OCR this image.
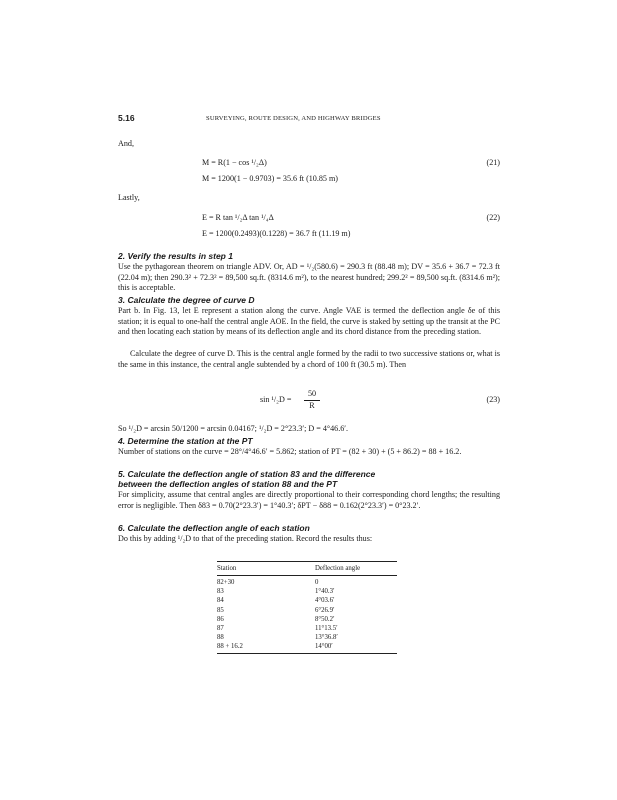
5.16	SURVEYING, ROUTE DESIGN, AND HIGHWAY BRIDGES
And,
M = R(1 − cos ¹/₂Δ)	(21)
M = 1200(1 − 0.9703) = 35.6 ft (10.85 m)
Lastly,
E = R tan ¹/₂Δ tan ¹/₄Δ	(22)
E = 1200(0.2493)(0.1228) = 36.7 ft (11.19 m)
2. Verify the results in step 1
Use the pythagorean theorem on triangle ADV. Or, AD = ¹/₂(580.6) = 290.3 ft (88.48 m); DV = 35.6 + 36.7 = 72.3 ft (22.04 m); then 290.3² + 72.3² = 89,500 sq.ft. (8314.6 m²), to the nearest hundred; 299.2² = 89,500 sq.ft. (8314.6 m²); this is acceptable.
3. Calculate the degree of curve D
Part b. In Fig. 13, let E represent a station along the curve. Angle VAE is termed the deflection angle δe of this station; it is equal to one-half the central angle AOE. In the field, the curve is staked by setting up the transit at the PC and then locating each station by means of its deflection angle and its chord distance from the preceding station.
Calculate the degree of curve D. This is the central angle formed by the radii to two successive stations or, what is the same in this instance, the central angle subtended by a chord of 100 ft (30.5 m). Then
$\sin ^1/_2D = \frac{50}{R}$	(23)
So ¹/₂D = arcsin 50/1200 = arcsin 0.04167; ¹/₂D = 2°23.3′; D = 4°46.6′.
4. Determine the station at the PT
Number of stations on the curve = 28°/4°46.6′ = 5.862; station of PT = (82 + 30) + (5 + 86.2) = 88 + 16.2.
5. Calculate the deflection angle of station 83 and the difference
between the deflection angles of station 88 and the PT
For simplicity, assume that central angles are directly proportional to their corresponding chord lengths; the resulting error is negligible. Then δ83 = 0.70(2°23.3′) = 1°40.3′; δPT − δ88 = 0.162(2°23.3′) = 0°23.2′.
6. Calculate the deflection angle of each station
Do this by adding ¹/₂D to that of the preceding station. Record the results thus:
Station	Deflection angle
82+30	0
83	1°40.3′
84	4°03.6′
85	6°26.9′
86	8°50.2′
87	11°13.5′
88	13°36.8′
88 + 16.2	14°00′
